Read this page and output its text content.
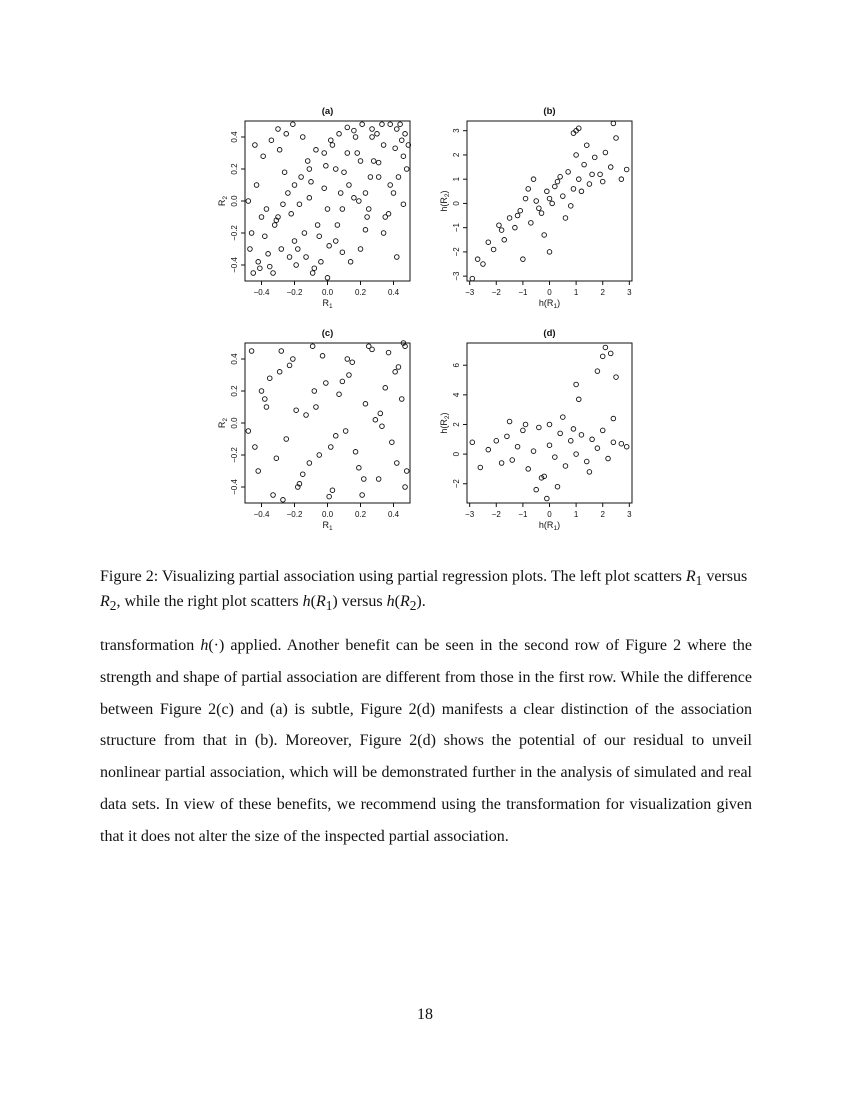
(a)
−0.4 −0.2 0.0	0.2	0.4
−0.4
−0.2
0.0
0.2
0.4
$R_1$
$R_2$
(b)
−3 −2 −1 0	1	2	3
−3
−2
−1
0
1
2
3
$h(R_1)$
$h(R_2)$
(c)
−0.4 −0.2 0.0	0.2	0.4
−0.4
−0.2
0.0
0.2
0.4
$R_1$
$R_2$
(d)
−3 −2 −1 0	1	2	3
−2
0
2
4
6
$h(R_1)$
$h(R_2)$
Figure 2: Visualizing partial association using partial regression plots. The left plot scatters $R_1$ versus $R_2$, while the right plot scatters $h(R_1)$ versus $h(R_2)$.

transformation h(·) applied. Another benefit can be seen in the second row of Figure 2 where the strength and shape of partial association are different from those in the first row. While the difference between Figure 2(c) and (a) is subtle, Figure 2(d) manifests a clear distinction of the association structure from that in (b). Moreover, Figure 2(d) shows the potential of our residual to unveil nonlinear partial association, which will be demonstrated further in the analysis of simulated and real data sets. In view of these benefits, we recommend using the transformation for visualization given that it does not alter the size of the inspected partial association.

18
